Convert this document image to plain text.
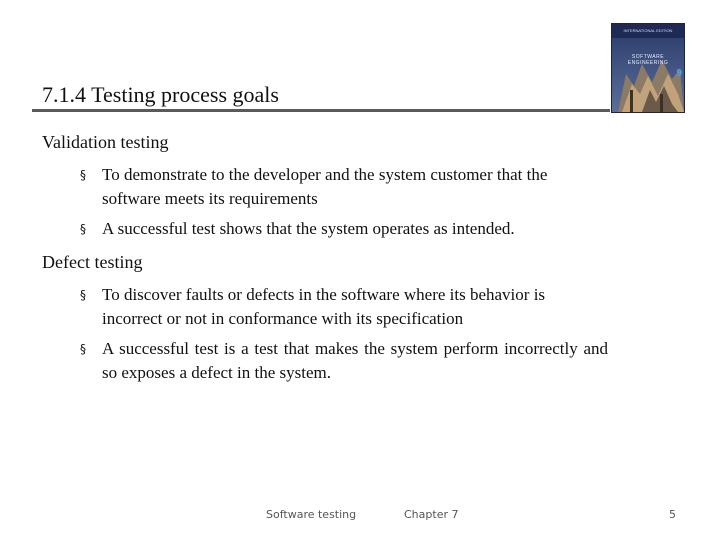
INTERNATIONAL EDITION
SOFTWARE ENGINEERING
9
7.1.4 Testing process goals
Validation testing
§ To demonstrate to the developer and the system customer that the software meets its requirements
§ A successful test shows that the system operates as intended.
Defect testing
§ To discover faults or defects in the software where its behavior is incorrect or not in conformance with its specification
§ A successful test is a test that makes the system perform incorrectly and so exposes a defect in the system.
Software testing	Chapter 7	5
